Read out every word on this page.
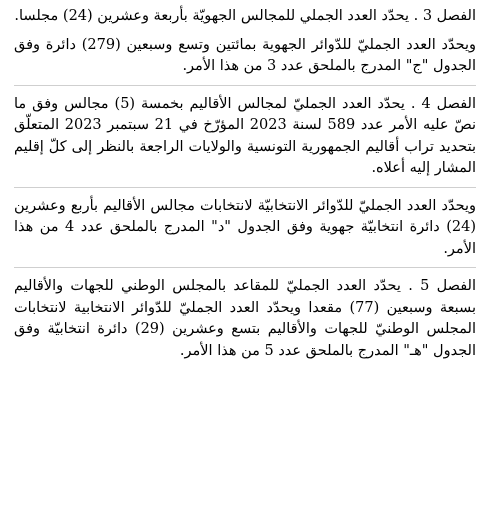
الفصل 3 . يحدّد العدد الجملي للمجالس الجهويّة بأربعة وعشرين (24) مجلسا.

ويحدّد العدد الجمليّ للدّوائر الجهوية بمائتين وتسع وسبعين (279) دائرة وفق الجدول "ج" المدرج بالملحق عدد 3 من هذا الأمر.

الفصل 4 . يحدّد العدد الجمليّ لمجالس الأقاليم بخمسة (5) مجالس وفق ما نصّ عليه الأمر عدد 589 لسنة 2023 المؤرّخ في 21 سبتمبر 2023 المتعلّق بتحديد تراب أقاليم الجمهورية التونسية والولايات الراجعة بالنظر إلى كلّ إقليم المشار إليه أعلاه.

ويحدّد العدد الجمليّ للدّوائر الانتخابيّة لانتخابات مجالس الأقاليم بأربع وعشرين (24) دائرة انتخابيّة جهوية وفق الجدول "د" المدرج بالملحق عدد 4 من هذا الأمر.

الفصل 5 . يحدّد العدد الجمليّ للمقاعد بالمجلس الوطني للجهات والأقاليم بسبعة وسبعين (77) مقعدا ويحدّد العدد الجمليّ للدّوائر الانتخابية لانتخابات المجلس الوطنيّ للجهات والأقاليم بتسع وعشرين (29) دائرة انتخابيّة وفق الجدول "هـ" المدرج بالملحق عدد 5 من هذا الأمر.
